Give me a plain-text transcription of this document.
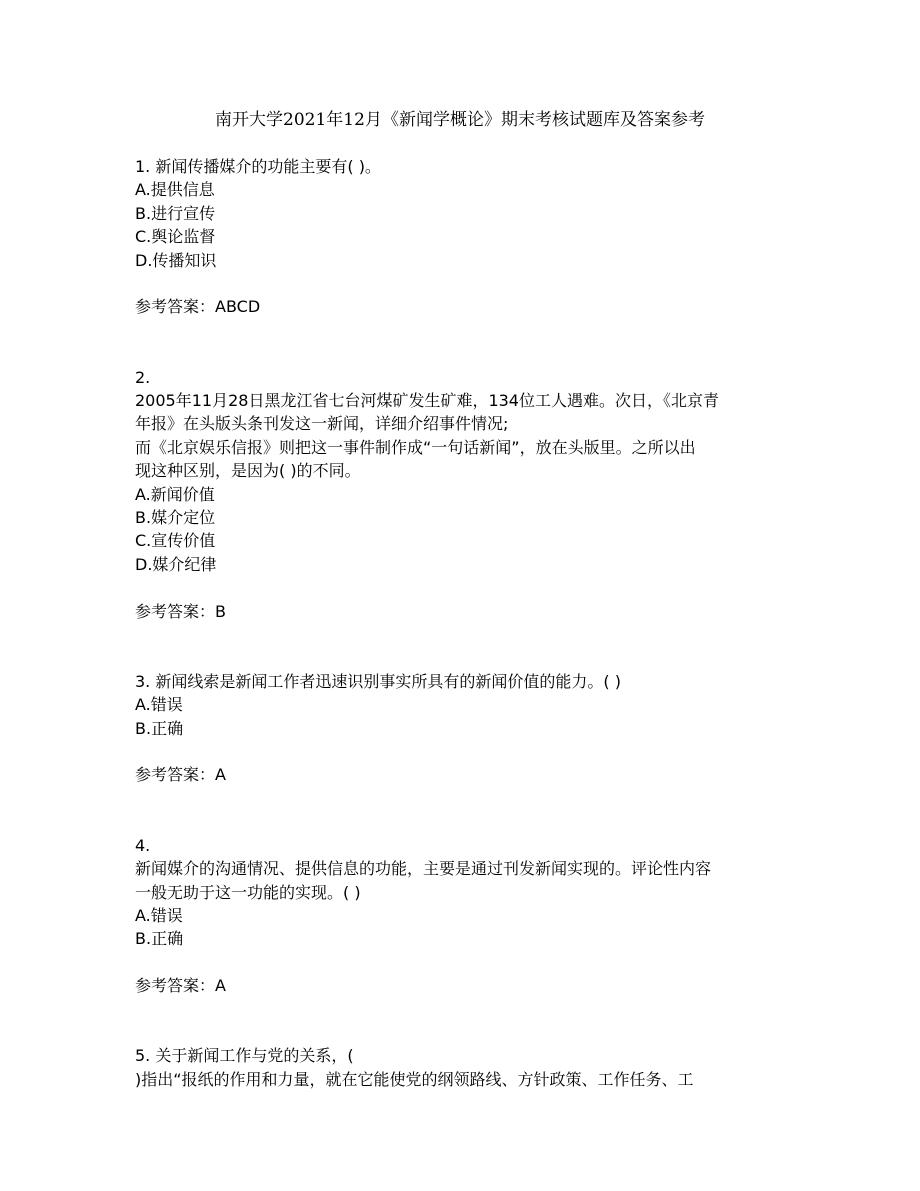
南开大学2021年12月《新闻学概论》期末考核试题库及答案参考
1. 新闻传播媒介的功能主要有( )。
A.提供信息
B.进行宣传
C.舆论监督
D.传播知识
参考答案：ABCD
2.
2005年11月28日黑龙江省七台河煤矿发生矿难，134位工人遇难。次日，《北京青
年报》在头版头条刊发这一新闻，详细介绍事件情况;
而《北京娱乐信报》则把这一事件制作成“一句话新闻”，放在头版里。之所以出
现这种区别，是因为( )的不同。
A.新闻价值
B.媒介定位
C.宣传价值
D.媒介纪律
参考答案：B
3. 新闻线索是新闻工作者迅速识别事实所具有的新闻价值的能力。( )
A.错误
B.正确
参考答案：A
4.
新闻媒介的沟通情况、提供信息的功能，主要是通过刊发新闻实现的。评论性内容
一般无助于这一功能的实现。( )
A.错误
B.正确
参考答案：A
5. 关于新闻工作与党的关系，(
)指出“报纸的作用和力量，就在它能使党的纲领路线、方针政策、工作任务、工
